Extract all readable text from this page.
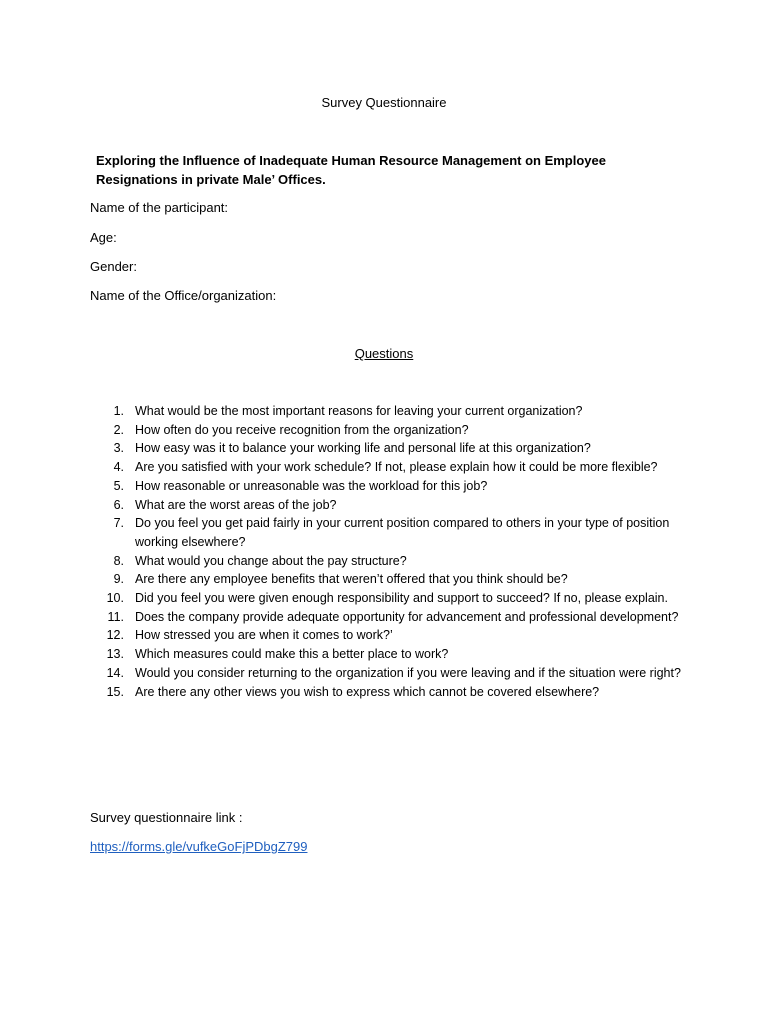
Survey Questionnaire
Exploring the Influence of Inadequate Human Resource Management on Employee Resignations in private Male’ Offices.
Name of the participant:
Age:
Gender:
Name of the Office/organization:
Questions
1. What would be the most important reasons for leaving your current organization?
2. How often do you receive recognition from the organization?
3. How easy was it to balance your working life and personal life at this organization?
4. Are you satisfied with your work schedule? If not, please explain how it could be more flexible?
5. How reasonable or unreasonable was the workload for this job?
6. What are the worst areas of the job?
7. Do you feel you get paid fairly in your current position compared to others in your type of position working elsewhere?
8. What would you change about the pay structure?
9. Are there any employee benefits that weren’t offered that you think should be?
10. Did you feel you were given enough responsibility and support to succeed? If no, please explain.
11. Does the company provide adequate opportunity for advancement and professional development?
12. How stressed you are when it comes to work?’
13. Which measures could make this a better place to work?
14. Would you consider returning to the organization if you were leaving and if the situation were right?
15. Are there any other views you wish to express which cannot be covered elsewhere?
Survey questionnaire link :
https://forms.gle/vufkeGoFjPDbgZ799
